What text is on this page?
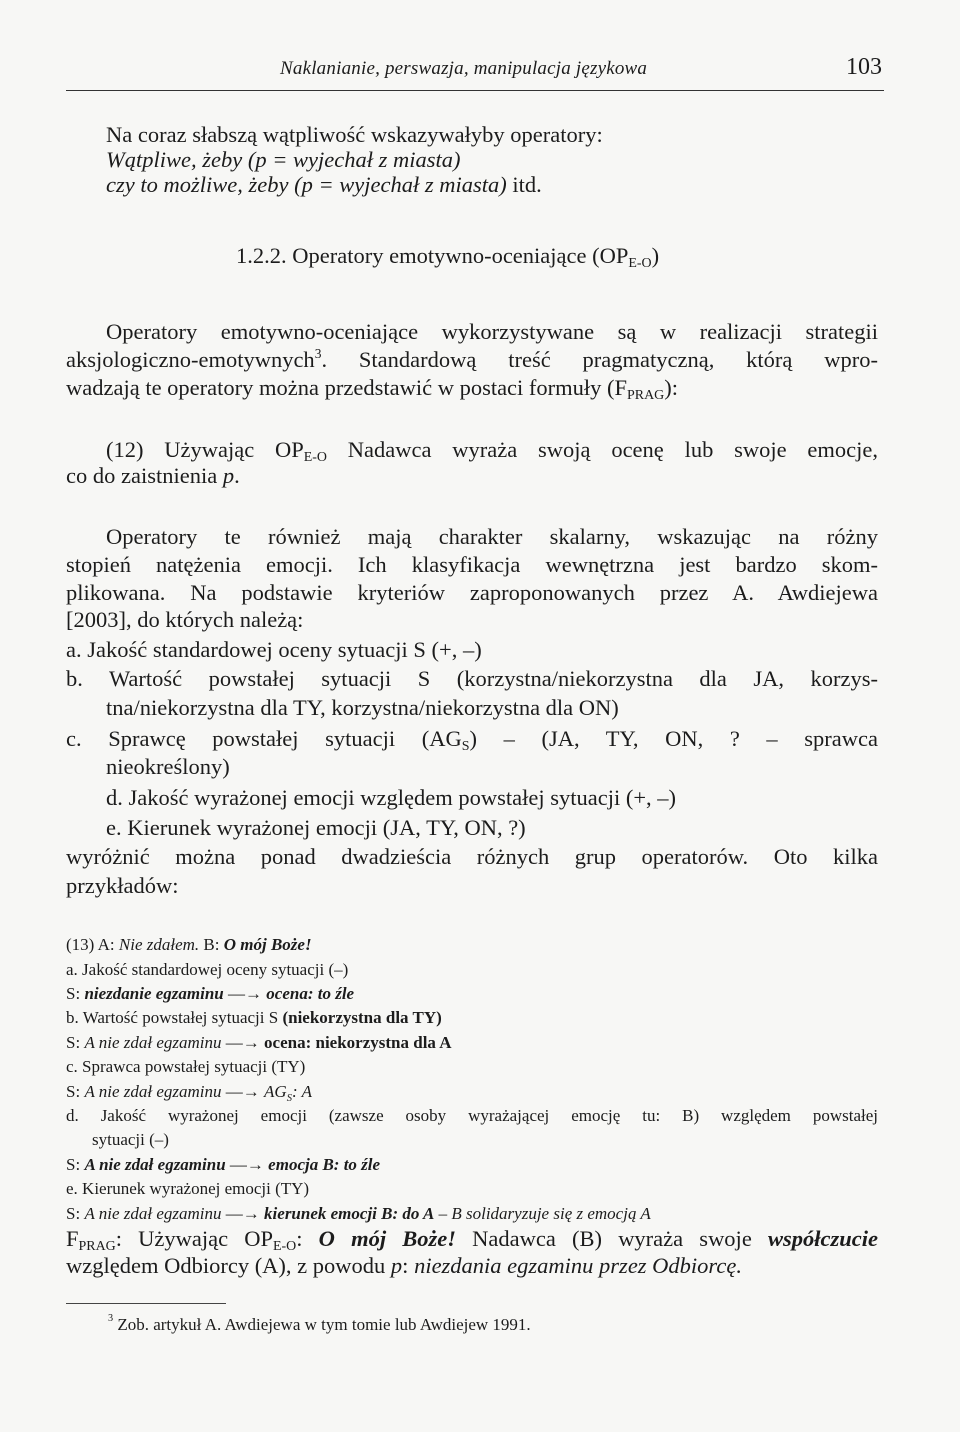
Naklanianie, perswazja, manipulacja językowa	103
Na coraz słabszą wątpliwość wskazywałyby operatory:
Wątpliwe, żeby (p = wyjechał z miasta)
czy to możliwe, żeby (p = wyjechał z miasta) itd.
1.2.2. Operatory emotywno-oceniające $(OP_{E-O})$
Operatory emotywno-oceniające wykorzystywane są w realizacji strategii
aksjologiczno-emotywnych$^3$. Standardową treść pragmatyczną, którą wpro-
wadzają te operatory można przedstawić w postaci formuły $(F_{PRAG})$:
(12) Używając $OP_{E-O}$ Nadawca wyraża swoją ocenę lub swoje emocje,
co do zaistnienia p.
Operatory te również mają charakter skalarny, wskazując na różny
stopień natężenia emocji. Ich klasyfikacja wewnętrzna jest bardzo skom-
plikowana. Na podstawie kryteriów zaproponowanych przez A. Awdiejewa
[2003], do których należą:
a. Jakość standardowej oceny sytuacji S (+, –)
b. Wartość powstałej sytuacji S (korzystna/niekorzystna dla JA, korzys-
tna/niekorzystna dla TY, korzystna/niekorzystna dla ON)
c. Sprawcę powstałej sytuacji $(AG_S) - (JA$, TY, ON, ? – sprawca
nieokreślony)
d. Jakość wyrażonej emocji względem powstałej sytuacji (+, –)
e. Kierunek wyrażonej emocji (JA, TY, ON, ?)
wyróżnić można ponad dwadzieścia różnych grup operatorów. Oto kilka
przykładów:
(13) A: Nie zdałem. B: O mój Boże!
a. Jakość standardowej oceny sytuacji (–)
S: niezdanie egzaminu —→ ocena: to źle
b. Wartość powstałej sytuacji S (niekorzystna dla TY)
S: A nie zdał egzaminu —→ ocena: niekorzystna dla A
c. Sprawca powstałej sytuacji (TY)
S: A nie zdał egzaminu —→ $AG_S$: A
d. Jakość wyrażonej emocji (zawsze osoby wyrażającej emocję tu: B) względem powstałej
sytuacji (–)
S: A nie zdał egzaminu —→ emocja B: to źle
e. Kierunek wyrażonej emocji (TY)
S: A nie zdał egzaminu —→ kierunek emocji B: do A – B solidaryzuje się z emocją A
$F_{PRAG}$: Używając $OP_{E-O}$: O mój Boże! Nadawca (B) wyraża swoje współczucie
względem Odbiorcy (A), z powodu p: niezdania egzaminu przez Odbiorcę.
$^3$ Zob. artykuł A. Awdiejewa w tym tomie lub Awdiejew 1991.
